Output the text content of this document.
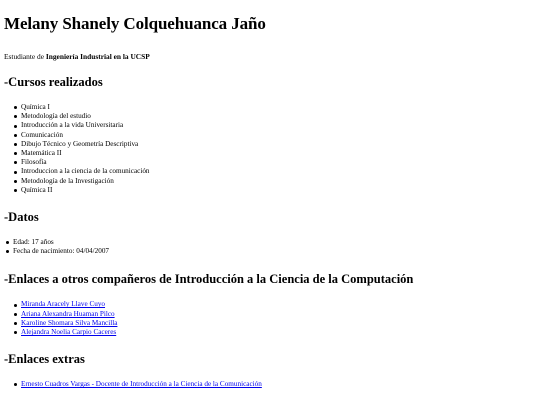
Melany Shanely Colquehuanca Jaño

Estudiante de Ingeniería Industrial en la UCSP

-Cursos realizados
Química I
Metodología del estudio
Introducción a la vida Universitaria
Comunicación
Dibujo Técnico y Geometría Descriptiva
Matemática II
Filosofía
Introduccion a la ciencia de la comunicación
Metodología de la Investigación
Química II
-Datos
Edad: 17 años
Fecha de nacimiento: 04/04/2007
-Enlaces a otros compañeros de Introducción a la Ciencia de la Computación
Miranda Aracely Llave Cuyo
Ariana Alexandra Huaman Pilco
Karoline Shomara Silva Mancilla
Alejandra Noelia Carpio Caceres
-Enlaces extras
Ernesto Cuadros Vargas - Docente de Introducción a la Ciencia de la Comunicación
